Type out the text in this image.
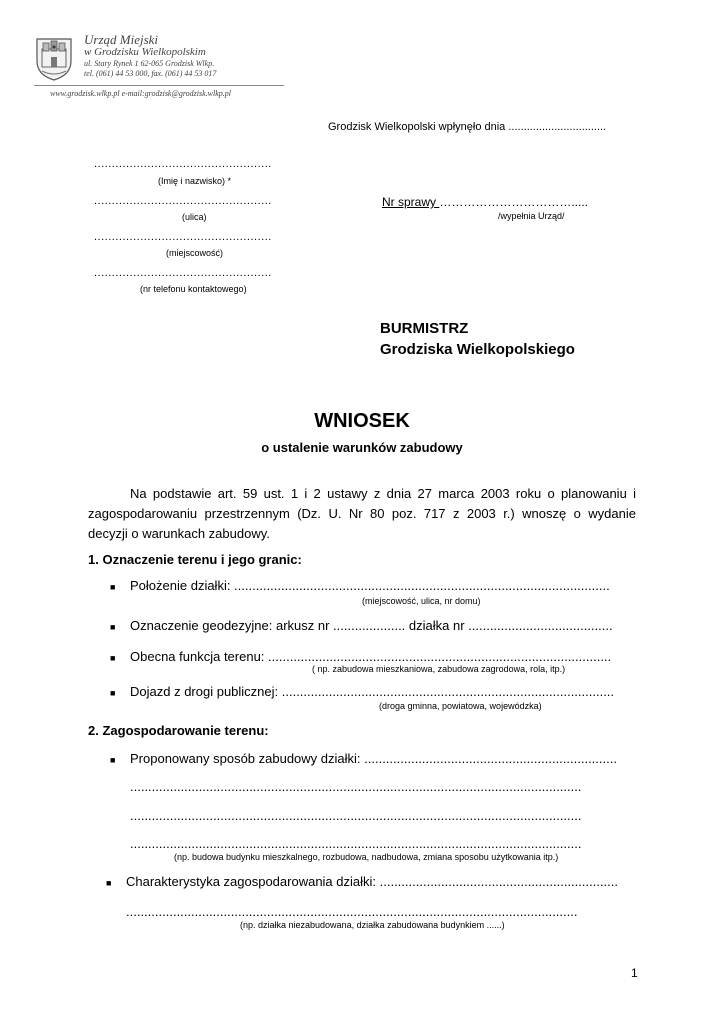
Urząd Miejski
w Grodzisku Wielkopolskim
ul. Stary Rynek 1 62-065 Grodzisk Wlkp.
tel. (061) 44 53 000, fax. (061) 44 53 017
www.grodzisk.wlkp.pl e-mail:grodzisk@grodzisk.wlkp.pl
Grodzisk Wielkopolski wpłynęło dnia ................................
..................................................
(Imię i nazwisko) *
..................................................
(ulica)
..................................................
(miejscowość)
..................................................
(nr telefonu kontaktowego)
Nr sprawy …………………………….....
/wypełnia Urząd/
BURMISTRZ
Grodziska Wielkopolskiego
WNIOSEK
o ustalenie warunków zabudowy
Na podstawie art. 59 ust. 1 i 2 ustawy z dnia 27 marca 2003 roku o planowaniu i
zagospodarowaniu przestrzennym (Dz. U. Nr 80 poz. 717 z 2003 r.) wnoszę o wydanie
decyzji o warunkach zabudowy.
1. Oznaczenie terenu i jego granic:
■ Położenie działki: ........................................................................................................
(miejscowość, ulica, nr domu)
■ Oznaczenie geodezyjne: arkusz nr .................... działka nr ........................................
■ Obecna funkcja terenu: ...............................................................................................
( np. zabudowa mieszkaniowa, zabudowa zagrodowa, rola, itp.)
■ Dojazd z drogi publicznej: ............................................................................................
(droga gminna, powiatowa, wojewódzka)
2. Zagospodarowanie terenu:
■ Proponowany sposób zabudowy działki: ......................................................................
.............................................................................................................................
.............................................................................................................................
.............................................................................................................................
(np. budowa budynku mieszkalnego, rozbudowa, nadbudowa, zmiana sposobu użytkowania itp.)
■ Charakterystyka zagospodarowania działki: ..................................................................
.............................................................................................................................
(np. działka niezabudowana, działka zabudowana budynkiem ......)
1
